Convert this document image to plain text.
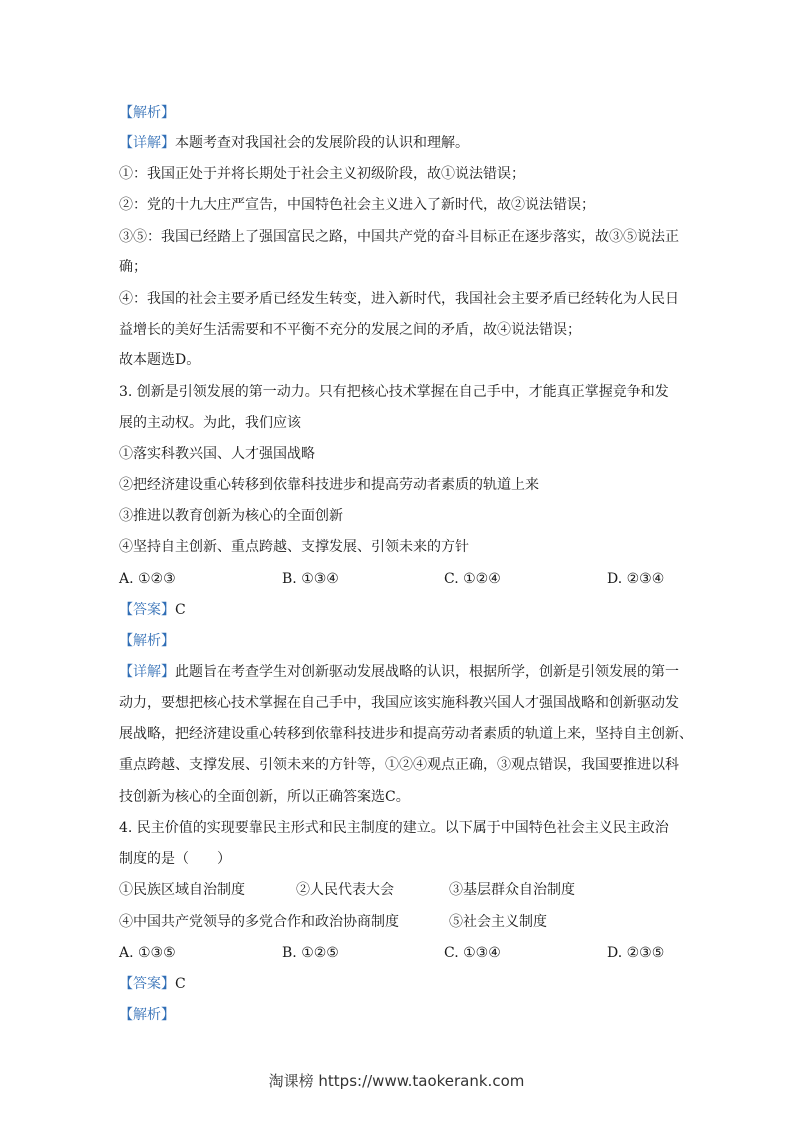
【解析】
【详解】本题考查对我国社会的发展阶段的认识和理解。
①：我国正处于并将长期处于社会主义初级阶段，故①说法错误；
②：党的十九大庄严宣告，中国特色社会主义进入了新时代，故②说法错误；
③⑤：我国已经踏上了强国富民之路，中国共产党的奋斗目标正在逐步落实，故③⑤说法正
确；
④：我国的社会主要矛盾已经发生转变，进入新时代，我国社会主要矛盾已经转化为人民日
益增长的美好生活需要和不平衡不充分的发展之间的矛盾，故④说法错误；
故本题选D。
3. 创新是引领发展的第一动力。只有把核心技术掌握在自己手中，才能真正掌握竞争和发
展的主动权。为此，我们应该
①落实科教兴国、人才强国战略
②把经济建设重心转移到依靠科技进步和提高劳动者素质的轨道上来
③推进以教育创新为核心的全面创新
④坚持自主创新、重点跨越、支撑发展、引领未来的方针
A. ①②③	B. ①③④	C. ①②④	D. ②③④
【答案】C
【解析】
【详解】此题旨在考查学生对创新驱动发展战略的认识，根据所学，创新是引领发展的第一
动力，要想把核心技术掌握在自己手中，我国应该实施科教兴国人才强国战略和创新驱动发
展战略，把经济建设重心转移到依靠科技进步和提高劳动者素质的轨道上来，坚持自主创新、
重点跨越、支撑发展、引领未来的方针等，①②④观点正确，③观点错误，我国要推进以科
技创新为核心的全面创新，所以正确答案选C。
4. 民主价值的实现要靠民主形式和民主制度的建立。以下属于中国特色社会主义民主政治
制度的是（　　）
①民族区域自治制度	②人民代表大会	③基层群众自治制度
④中国共产党领导的多党合作和政治协商制度	⑤社会主义制度
A. ①③⑤	B. ①②⑤	C. ①③④	D. ②③⑤
【答案】C
【解析】
淘课榜 https://www.taokerank.com
